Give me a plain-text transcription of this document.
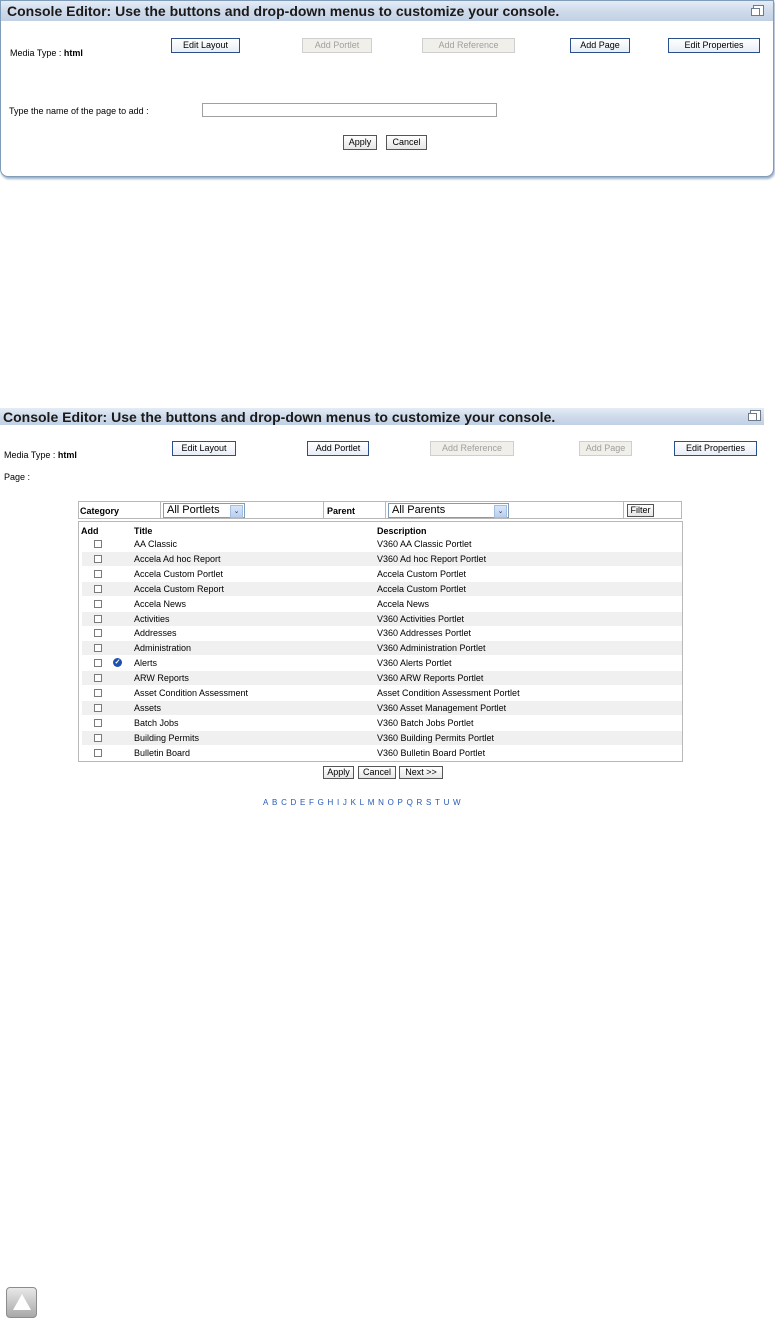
Console Editor: Use the buttons and drop-down menus to customize your console.
Media Type : html
Edit Layout	Add Portlet	Add Reference	Add Page	Edit Properties
Type the name of the page to add :
Apply	Cancel
Console Editor: Use the buttons and drop-down menus to customize your console.
Media Type : html
Page :
Edit Layout	Add Portlet	Add Reference	Add Page	Edit Properties
Category	All Portlets	⌄	Parent	All Parents	⌄	Filter
Add	Title	Description
AA Classic	V360 AA Classic Portlet
Accela Ad hoc Report	V360 Ad hoc Report Portlet
Accela Custom Portlet	Accela Custom Portlet
Accela Custom Report	Accela Custom Portlet
Accela News	Accela News
Activities	V360 Activities Portlet
Addresses	V360 Addresses Portlet
Administration	V360 Administration Portlet
✓ Alerts	V360 Alerts Portlet
ARW Reports	V360 ARW Reports Portlet
Asset Condition Assessment	Asset Condition Assessment Portlet
Assets	V360 Asset Management Portlet
Batch Jobs	V360 Batch Jobs Portlet
Building Permits	V360 Building Permits Portlet
Bulletin Board	V360 Bulletin Board Portlet
Apply	Cancel	Next >>
A B C D E F G H I J K L M N O P Q R S T U W
